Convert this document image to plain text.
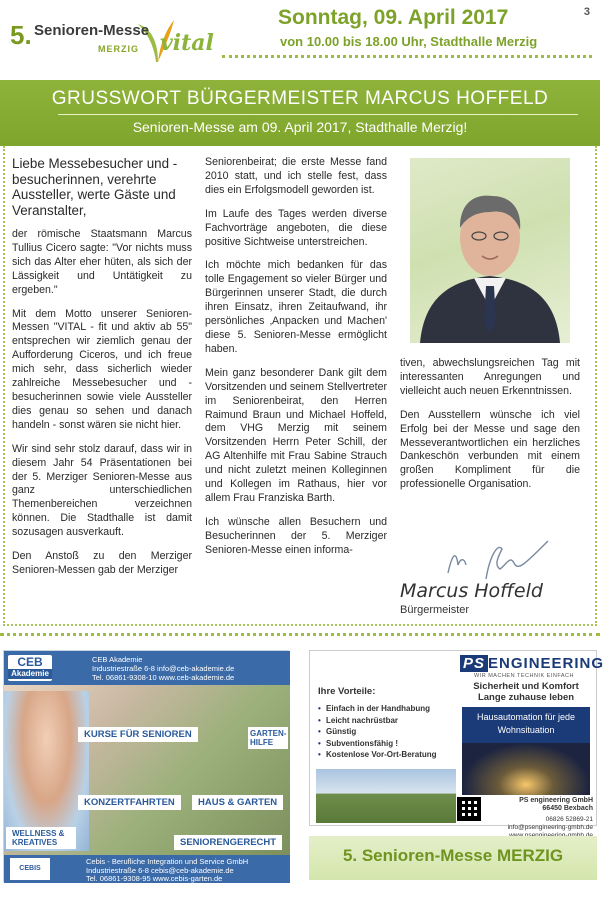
3
5. Senioren-Messe
MERZIG vital
Sonntag, 09. April 2017
von 10.00 bis 18.00 Uhr, Stadthalle Merzig
GRUSSWORT BÜRGERMEISTER MARCUS HOFFELD
Senioren-Messe am 09. April 2017, Stadthalle Merzig!
Liebe Messebesucher und -besucherinnen, verehrte Aussteller, werte Gäste und Veranstalter,

der römische Staatsmann Marcus Tullius Cicero sagte: "Vor nichts muss sich das Alter eher hüten, als sich der Lässigkeit und Untätigkeit zu ergeben."

Mit dem Motto unserer Senioren-Messen "VITAL - fit und aktiv ab 55" entsprechen wir ziemlich genau der Aufforderung Ciceros, und ich freue mich sehr, dass sicherlich wieder zahlreiche Messebesucher und -besucherinnen sowie viele Aussteller dies genau so sehen und danach handeln - sonst wären sie nicht hier.

Wir sind sehr stolz darauf, dass wir in diesem Jahr 54 Präsentationen bei der 5. Merziger Senioren-Messe aus ganz unterschiedlichen Themenbereichen verzeichnen können. Die Stadthalle ist damit sozusagen ausverkauft.

Den Anstoß zu den Merziger Senioren-Messen gab der Merziger

Seniorenbeirat; die erste Messe fand 2010 statt, und ich stelle fest, dass dies ein Erfolgsmodell geworden ist.

Im Laufe des Tages werden diverse Fachvorträge angeboten, die diese positive Sichtweise unterstreichen.

Ich möchte mich bedanken für das tolle Engagement so vieler Bürger und Bürgerinnen unserer Stadt, die durch ihren Einsatz, ihren Zeitaufwand, ihr persönliches ‚Anpacken und Machen' diese 5. Senioren-Messe ermöglicht haben.

Mein ganz besonderer Dank gilt dem Vorsitzenden und seinem Stellvertreter im Seniorenbeirat, den Herren Raimund Braun und Michael Hoffeld, dem VHG Merzig mit seinem Vorsitzenden Herrn Peter Schill, der AG Altenhilfe mit Frau Sabine Strauch und nicht zuletzt meinen Kolleginnen und Kollegen im Rathaus, hier vor allem Frau Franziska Barth.

Ich wünsche allen Besuchern und Besucherinnen der 5. Merziger Senioren-Messe einen informa-

tiven, abwechslungsreichen Tag mit interessanten Anregungen und vielleicht auch neuen Erkenntnissen.

Den Ausstellern wünsche ich viel Erfolg bei der Messe und sage den Messeverantwortlichen ein herzliches Dankeschön verbunden mit einem großen Kompliment für die professionelle Organisation.

Marcus Hoffeld
Bürgermeister
CEB
Akademie
CEB Akademie
Industriestraße 6-8 info@ceb-akademie.de
Tel. 06861-9308-10 www.ceb-akademie.de
KURSE FÜR SENIOREN	GARTEN-HILFE
KONZERTFAHRTEN	HAUS & GARTEN
WELLNESS & KREATIVES	SENIORENGERECHT
CEBIS
Cebis - Berufliche Integration und Service GmbH
Industriestraße 6-8 cebis@ceb-akademie.de
Tel. 06861-9308-95 www.cebis-garten.de
PS ENGINEERING
WIR MACHEN TECHNIK EINFACH
Sicherheit und Komfort Lange zuhause leben
Ihre Vorteile:
• Einfach in der Handhabung
• Leicht nachrüstbar
• Günstig
• Subventionsfähig !
• Kostenlose Vor-Ort-Beratung
Hausautomation für jede Wohnsituation
PS engineering GmbH
66450 Bexbach
06826 52869-21
info@psengineering-gmbh.de
5. Senioren-Messe MERZIG
